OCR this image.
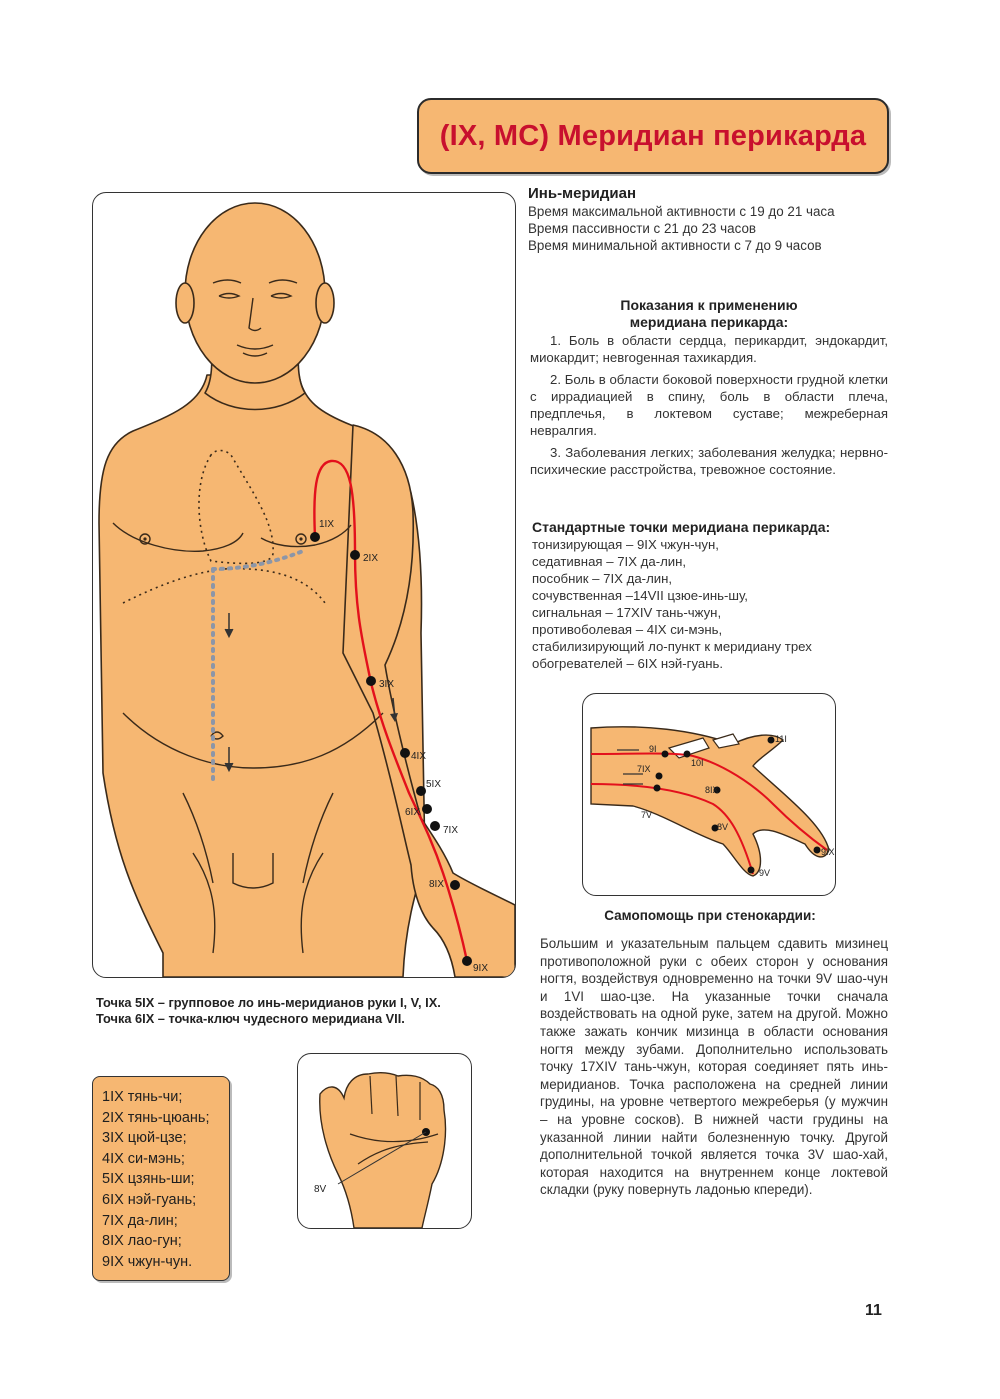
(IX, MC) Меридиан перикарда
Инь-меридиан
Время максимальной активности с 19 до 21 часа
Время пассивности с 21 до 23 часов
Время минимальной активности с 7 до 9 часов
Показания к применению
меридиана перикарда:
1. Боль в области сердца, перикардит, эндокардит, миокардит; невrogенная тахикардия.
2. Боль в области боковой поверхности грудной клетки с иррадиацией в спину, боль в области плеча, предплечья, в локтевом суставе; межреберная невралгия.
3. Заболевания легких; заболевания желудка; нервно-психические расстройства, тревожное состояние.
Стандартные точки меридиана перикарда:
тонизирующая – 9IX чжун-чун,
седативная – 7IX да-лин,
пособник – 7IX да-лин,
сочувственная –14VII цзюе-инь-шу,
сигнальная – 17XIV тань-чжун,
противоболевая – 4IX си-мэнь,
стабилизирующий ло-пункт к меридиану трех
обогревателей – 6IX нэй-гуань.
1IX
2IX
3IX
4IX
5IX
6IX
7IX
8IX
9IX
9I
10I
11I
7IX
8IX
7V
8V
9IX
9V
Самопомощь при стенокардии:
Большим и указательным пальцем сдавить мизинец противоположной руки с обеих сторон у основания ногтя, воздействуя одновременно на точки 9V шао-чун и 1VI шао-цзе. На указанные точки сначала воздействовать на одной руке, затем на другой. Можно также зажать кончик мизинца в области основания ногтя между зубами. Дополнительно использовать точку 17XIV тань-чжун, которая соединяет пять инь-меридианов. Точка расположена на средней линии грудины, на уровне четвертого межреберья (у мужчин – на уровне сосков). В нижней части грудины на указанной линии найти болезненную точку. Другой дополнительной точкой является точка 3V шао-хай, которая находится на внутреннем конце локтевой складки (руку повернуть ладонью кпереди).
Точка 5IX – групповое ло инь-меридианов руки I, V, IX.
Точка 6IX – точка-ключ чудесного меридиана VII.
1IX тянь-чи;
2IX тянь-цюань;
3IX цюй-цзе;
4IX си-мэнь;
5IX цзянь-ши;
6IX нэй-гуань;
7IX да-лин;
8IX лао-гун;
9IX чжун-чун.
8V
11
